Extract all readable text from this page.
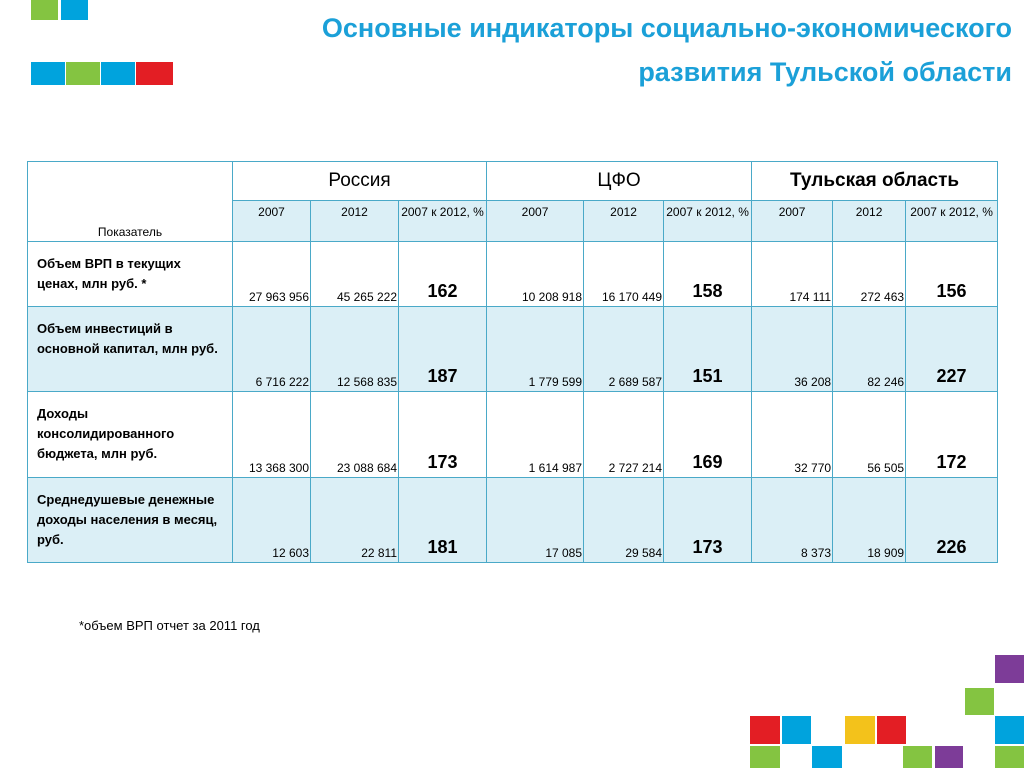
Основные индикаторы социально-экономического
развития Тульской области
Показатель	Россия			ЦФО			Тульская область		
	2007	2012	2007 к 2012, %	2007	2012	2007 к 2012, %	2007	2012	2007 к 2012, %
Объем ВРП в текущих ценах, млн руб. *	27 963 956	45 265 222	162	10 208 918	16 170 449	158	174 111	272 463	156
Объем инвестиций в основной капитал, млн руб.	6 716 222	12 568 835	187	1 779 599	2 689 587	151	36 208	82 246	227
Доходы консолидированного бюджета, млн руб.	13 368 300	23 088 684	173	1 614 987	2 727 214	169	32 770	56 505	172
Среднедушевые денежные доходы населения в месяц, руб.	12 603	22 811	181	17 085	29 584	173	8 373	18 909	226
*объем ВРП отчет за 2011 год
